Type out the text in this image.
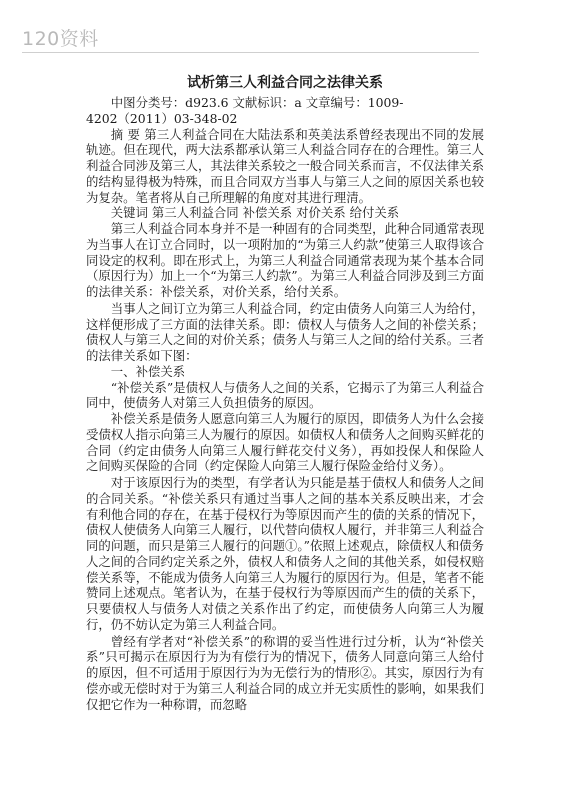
120资料
试析第三人利益合同之法律关系

中图分类号：d923.6 文献标识：a 文章编号：1009-

4202（2011）03-348-02

摘 要 第三人利益合同在大陆法系和英美法系曾经表现出不同的发展轨迹。但在现代，两大法系都承认第三人利益合同存在的合理性。第三人利益合同涉及第三人，其法律关系较之一般合同关系而言，不仅法律关系的结构显得极为特殊，而且合同双方当事人与第三人之间的原因关系也较为复杂。笔者将从自己所理解的角度对其进行理清。

关键词 第三人利益合同 补偿关系 对价关系 给付关系

第三人利益合同本身并不是一种固有的合同类型，此种合同通常表现为当事人在订立合同时，以一项附加的“为第三人约款”使第三人取得该合同设定的权利。即在形式上，为第三人利益合同通常表现为某个基本合同（原因行为）加上一个“为第三人约款”。为第三人利益合同涉及到三方面的法律关系：补偿关系，对价关系，给付关系。

当事人之间订立为第三人利益合同，约定由债务人向第三人为给付，这样便形成了三方面的法律关系。即：债权人与债务人之间的补偿关系；债权人与第三人之间的对价关系；债务人与第三人之间的给付关系。三者的法律关系如下图：

一、补偿关系

“补偿关系”是债权人与债务人之间的关系，它揭示了为第三人利益合同中，使债务人对第三人负担债务的原因。

补偿关系是债务人愿意向第三人为履行的原因，即债务人为什么会接受债权人指示向第三人为履行的原因。如债权人和债务人之间购买鲜花的合同（约定由债务人向第三人履行鲜花交付义务），再如投保人和保险人之间购买保险的合同（约定保险人向第三人履行保险金给付义务）。

对于该原因行为的类型，有学者认为只能是基于债权人和债务人之间的合同关系。“补偿关系只有通过当事人之间的基本关系反映出来，才会有利他合同的存在，在基于侵权行为等原因而产生的债的关系的情况下，债权人使债务人向第三人履行，以代替向债权人履行，并非第三人利益合同的问题，而只是第三人履行的问题①。”依照上述观点，除债权人和债务人之间的合同约定关系之外，债权人和债务人之间的其他关系，如侵权赔偿关系等，不能成为债务人向第三人为履行的原因行为。但是，笔者不能赞同上述观点。笔者认为，在基于侵权行为等原因而产生的债的关系下，只要债权人与债务人对债之关系作出了约定，而使债务人向第三人为履行，仍不妨认定为第三人利益合同。

曾经有学者对“补偿关系”的称谓的妥当性进行过分析，认为“补偿关系”只可揭示在原因行为为有偿行为的情况下，债务人同意向第三人给付的原因，但不可适用于原因行为为无偿行为的情形②。其实，原因行为有偿亦或无偿时对于为第三人利益合同的成立并无实质性的影响，如果我们仅把它作为一种称谓，而忽略
